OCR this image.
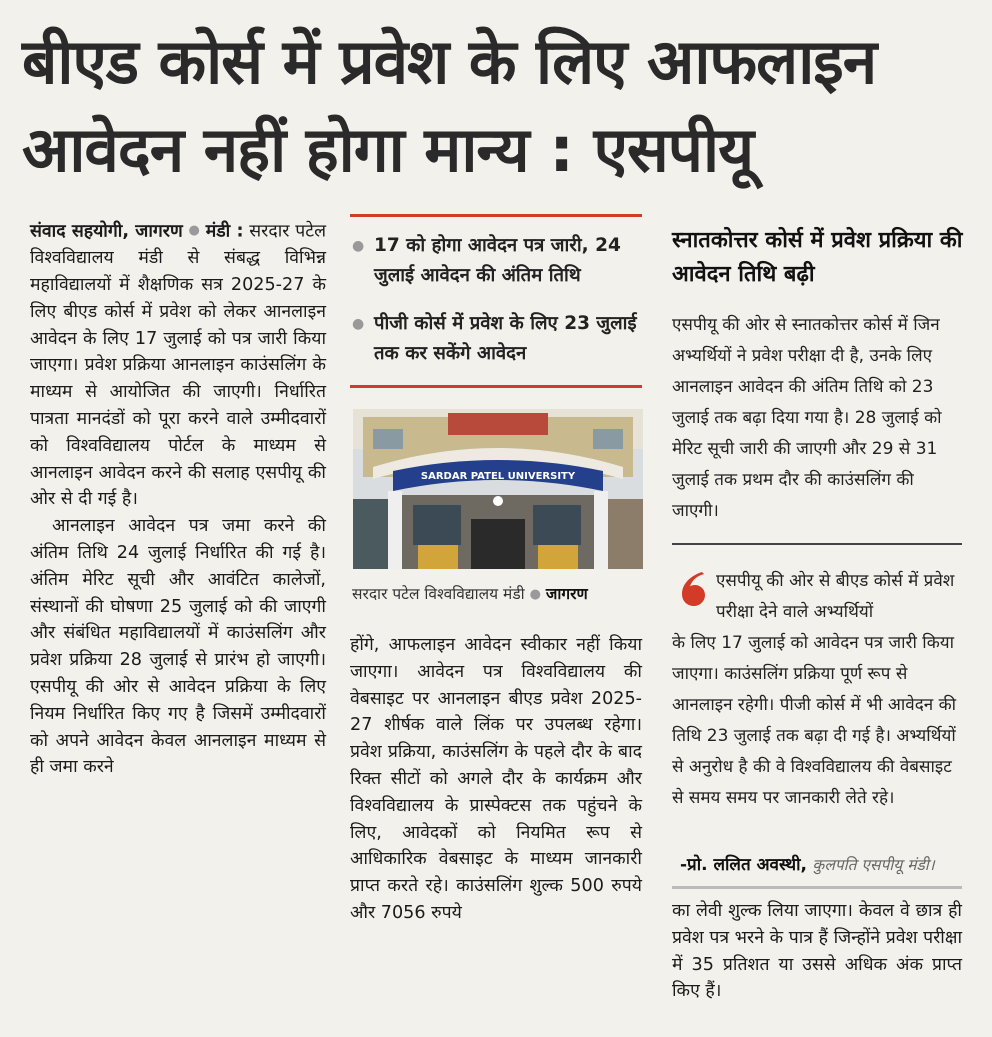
बीएड कोर्स में प्रवेश के लिए आफलाइन
आवेदन नहीं होगा मान्य : एसपीयू

संवाद सहयोगी, जागरण ● मंडी : सरदार पटेल विश्वविद्यालय मंडी से संबद्ध विभिन्न महाविद्यालयों में शैक्षणिक सत्र 2025-27 के लिए बीएड कोर्स में प्रवेश को लेकर आनलाइन आवेदन के लिए 17 जुलाई को पत्र जारी किया जाएगा। प्रवेश प्रक्रिया आनलाइन काउंसलिंग के माध्यम से आयोजित की जाएगी। निर्धारित पात्रता मानदंडों को पूरा करने वाले उम्मीदवारों को विश्वविद्यालय पोर्टल के माध्यम से आनलाइन आवेदन करने की सलाह एसपीयू की ओर से दी गई है।

आनलाइन आवेदन पत्र जमा करने की अंतिम तिथि 24 जुलाई निर्धारित की गई है। अंतिम मेरिट सूची और आवंटित कालेजों, संस्थानों की घोषणा 25 जुलाई को की जाएगी और संबंधित महाविद्यालयों में काउंसलिंग और प्रवेश प्रक्रिया 28 जुलाई से प्रारंभ हो जाएगी। एसपीयू की ओर से आवेदन प्रक्रिया के लिए नियम निर्धारित किए गए है जिसमें उम्मीदवारों को अपने आवेदन केवल आनलाइन माध्यम से ही जमा करने

● 17 को होगा आवेदन पत्र जारी, 24 जुलाई आवेदन की अंतिम तिथि
● पीजी कोर्स में प्रवेश के लिए 23 जुलाई तक कर सकेंगे आवेदन
SARDAR PATEL UNIVERSITY
सरदार पटेल विश्वविद्यालय मंडी ● जागरण

होंगे, आफलाइन आवेदन स्वीकार नहीं किया जाएगा। आवेदन पत्र विश्वविद्यालय की वेबसाइट पर आनलाइन बीएड प्रवेश 2025-27 शीर्षक वाले लिंक पर उपलब्ध रहेगा। प्रवेश प्रक्रिया, काउंसलिंग के पहले दौर के बाद रिक्त सीटों को अगले दौर के कार्यक्रम और विश्वविद्यालय के प्रास्पेक्टस तक पहुंचने के लिए, आवेदकों को नियमित रूप से आधिकारिक वेबसाइट के माध्यम जानकारी प्राप्त करते रहे। काउंसलिंग शुल्क 500 रुपये और 7056 रुपये

स्नातकोत्तर कोर्स में प्रवेश प्रक्रिया की आवेदन तिथि बढ़ी
एसपीयू की ओर से स्नातकोत्तर कोर्स में जिन अभ्यर्थियों ने प्रवेश परीक्षा दी है, उनके लिए आनलाइन आवेदन की अंतिम तिथि को 23 जुलाई तक बढ़ा दिया गया है। 28 जुलाई को मेरिट सूची जारी की जाएगी और 29 से 31 जुलाई तक प्रथम दौर की काउंसलिंग की जाएगी।
एसपीयू की ओर से बीएड कोर्स में प्रवेश परीक्षा देने वाले अभ्यर्थियों
के लिए 17 जुलाई को आवेदन पत्र जारी किया जाएगा। काउंसलिंग प्रक्रिया पूर्ण रूप से आनलाइन रहेगी। पीजी कोर्स में भी आवेदन की तिथि 23 जुलाई तक बढ़ा दी गई है। अभ्यर्थियों से अनुरोध है की वे विश्वविद्यालय की वेबसाइट से समय समय पर जानकारी लेते रहे।
-प्रो. ललित अवस्थी, कुलपति एसपीयू मंडी।

का लेवी शुल्क लिया जाएगा। केवल वे छात्र ही प्रवेश पत्र भरने के पात्र हैं जिन्होंने प्रवेश परीक्षा में 35 प्रतिशत या उससे अधिक अंक प्राप्त किए हैं।
